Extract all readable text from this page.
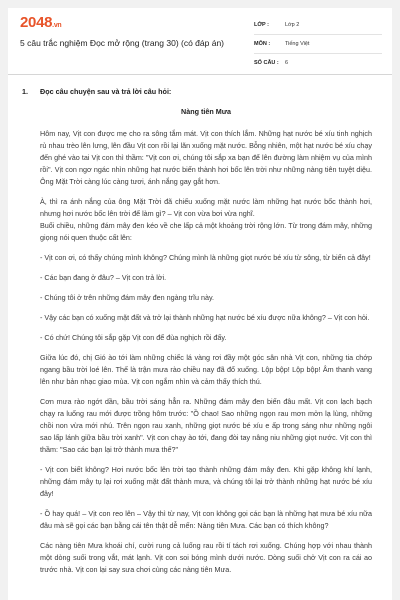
2048.vn
5 câu trắc nghiệm Đọc mở rộng (trang 30) (có đáp án)
LỚP :	Lớp 2
MÔN :	Tiếng Việt
SỐ CÂU :	6
1.	Đọc câu chuyện sau và trả lời câu hỏi:
Nàng tiên Mưa

Hôm nay, Vịt con được mẹ cho ra sông tắm mát. Vịt con thích lắm. Những hạt nước bé xíu tinh nghịch rủ nhau trèo lên lưng, lên đầu Vịt con rồi lại lăn xuống mặt nước. Bỗng nhiên, một hạt nước bé xíu chạy đến ghé vào tai Vịt con thì thầm: "Vịt con ơi, chúng tôi sắp xa bạn để lên đường làm nhiệm vụ của mình rồi". Vịt con ngơ ngác nhìn những hạt nước biến thành hơi bốc lên trời như những nàng tiên tuyệt diệu. Ông Mặt Trời càng lúc càng tươi, ánh nắng gay gắt hơn.

À, thì ra ánh nắng của ông Mặt Trời đã chiếu xuống mặt nước làm những hạt nước bốc thành hơi, nhưng hơi nước bốc lên trời để làm gì? – Vịt con vừa bơi vừa nghĩ.
Buổi chiều, những đám mây đen kéo về che lấp cả một khoảng trời rộng lớn. Từ trong đám mây, những giọng nói quen thuộc cất lên:

- Vịt con ơi, có thấy chúng mình không? Chúng mình là những giọt nước bé xíu từ sông, từ biển cả đây!

- Các bạn đang ở đâu? – Vịt con trả lời.

- Chúng tôi ở trên những đám mây đen ngàng trĩu này.

- Vậy các bạn có xuống mặt đất và trở lại thành những hạt nước bé xíu được nữa không? – Vịt con hỏi.

- Có chứ! Chúng tôi sắp gặp Vịt con để đùa nghịch rồi đấy.

Giữa lúc đó, chị Gió ào tới làm những chiếc lá vàng rơi đầy một góc sân nhà Vịt con, những tia chớp ngang bầu trời loé lên. Thế là trận mưa rào chiều nay đã đổ xuống. Lộp bộp! Lộp bộp! Âm thanh vang lên như bản nhạc giao mùa. Vịt con ngắm nhìn và cảm thấy thích thú.

Cơn mưa rào ngớt dần, bầu trời sáng hẳn ra. Những đám mây đen biến đâu mất. Vịt con lạch bạch chạy ra luống rau mới được trồng hôm trước: "Ồ chao! Sao những ngọn rau mơn mởn lạ lùng, những chồi non vừa mới nhú. Trên ngọn rau xanh, những giọt nước bé xíu e ấp trong sáng như những ngôi sao lấp lánh giữa bầu trời xanh". Vịt con chạy ào tới, đang đòi tay nâng niu những giọt nước. Vịt con thì thầm: "Sao các bạn lại trở thành mưa thế?"

- Vịt con biết không? Hơi nước bốc lên trời tạo thành những đám mây đen. Khi gặp không khí lạnh, những đám mây tụ lại rơi xuống mặt đất thành mưa, và chúng tôi lại trở thành những hạt nước bé xíu đây!

- Ồ hay quá! – Vịt con reo lên – Vậy thì từ nay, Vịt con không gọi các bạn là những hạt mưa bé xíu nữa đâu mà sẽ gọi các bạn bằng cái tên thật dễ mến: Nàng tiên Mưa. Các bạn có thích không?

Các nàng tiên Mưa khoái chí, cười rung cả luống rau rồi tí tách rơi xuống. Chúng hợp với nhau thành một dòng suối trong vắt, mát lạnh. Vịt con soi bóng mình dưới nước. Dòng suối chở Vịt con ra cái ao trước nhà. Vịt con lại say sưa chơi cùng các nàng tiên Mưa.
